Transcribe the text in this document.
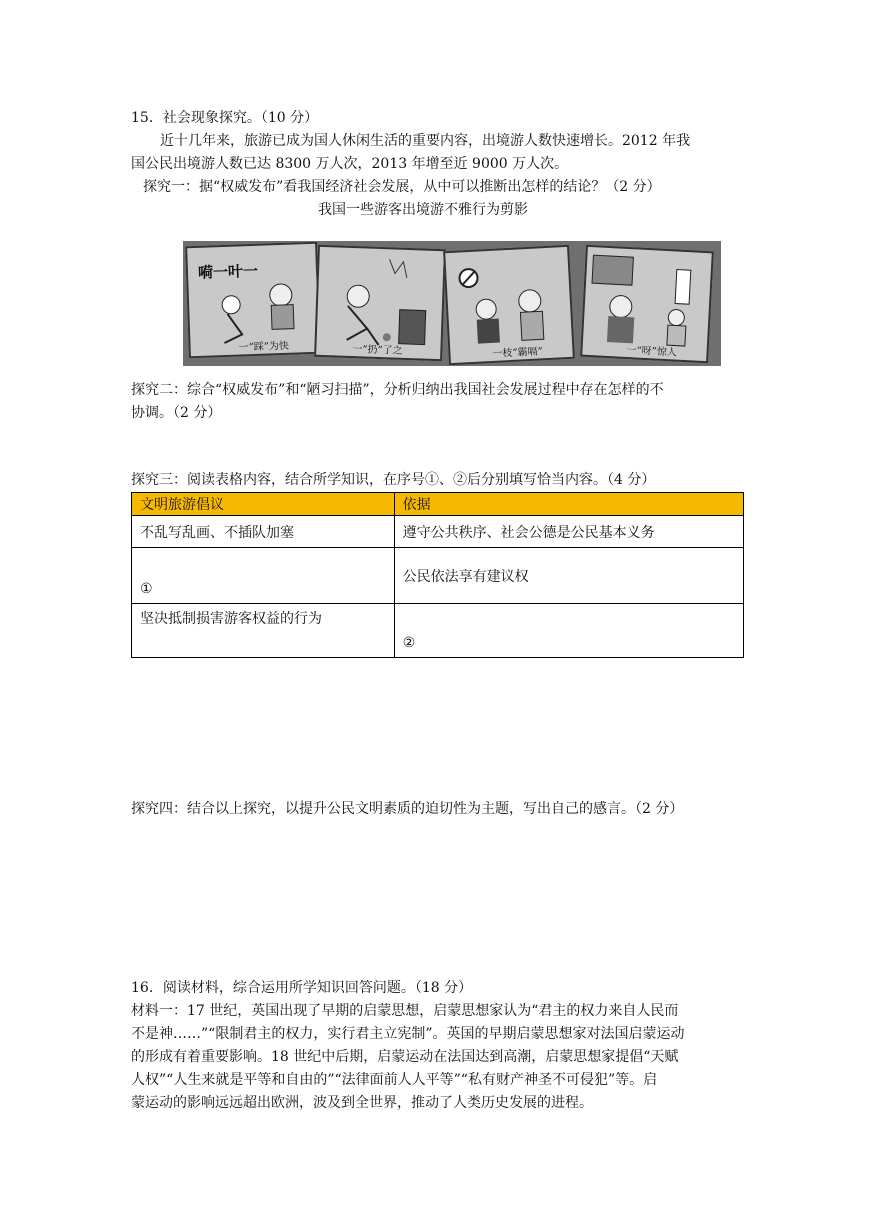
15．社会现象探究。（10 分）
近十几年来，旅游已成为国人休闲生活的重要内容，出境游人数快速增长。2012 年我
国公民出境游人数已达 8300 万人次，2013 年增至近 9000 万人次。
探究一：据“权威发布”看我国经济社会发展，从中可以推断出怎样的结论？（2 分）
我国一些游客出境游不雅行为剪影
嗬一叶一
一“踩”为快	一“扔”了之	一枝“霸嗝”	一“呀”惊人
探究二：综合“权威发布”和“陋习扫描”，分析归纳出我国社会发展过程中存在怎样的不
协调。（2 分）
探究三：阅读表格内容，结合所学知识，在序号①、②后分别填写恰当内容。（4 分）
文明旅游倡议	依据
不乱写乱画、不插队加塞	遵守公共秩序、社会公德是公民基本义务
①	公民依法享有建议权
坚决抵制损害游客权益的行为	②
探究四：结合以上探究，以提升公民文明素质的迫切性为主题，写出自己的感言。（2 分）
16．阅读材料，综合运用所学知识回答问题。（18 分）
材料一：17 世纪，英国出现了早期的启蒙思想，启蒙思想家认为“君主的权力来自人民而
不是神……”“限制君主的权力，实行君主立宪制”。英国的早期启蒙思想家对法国启蒙运动
的形成有着重要影响。18 世纪中后期，启蒙运动在法国达到高潮，启蒙思想家提倡“天赋
人权”“人生来就是平等和自由的”“法律面前人人平等”“私有财产神圣不可侵犯”等。启
蒙运动的影响远远超出欧洲，波及到全世界，推动了人类历史发展的进程。
